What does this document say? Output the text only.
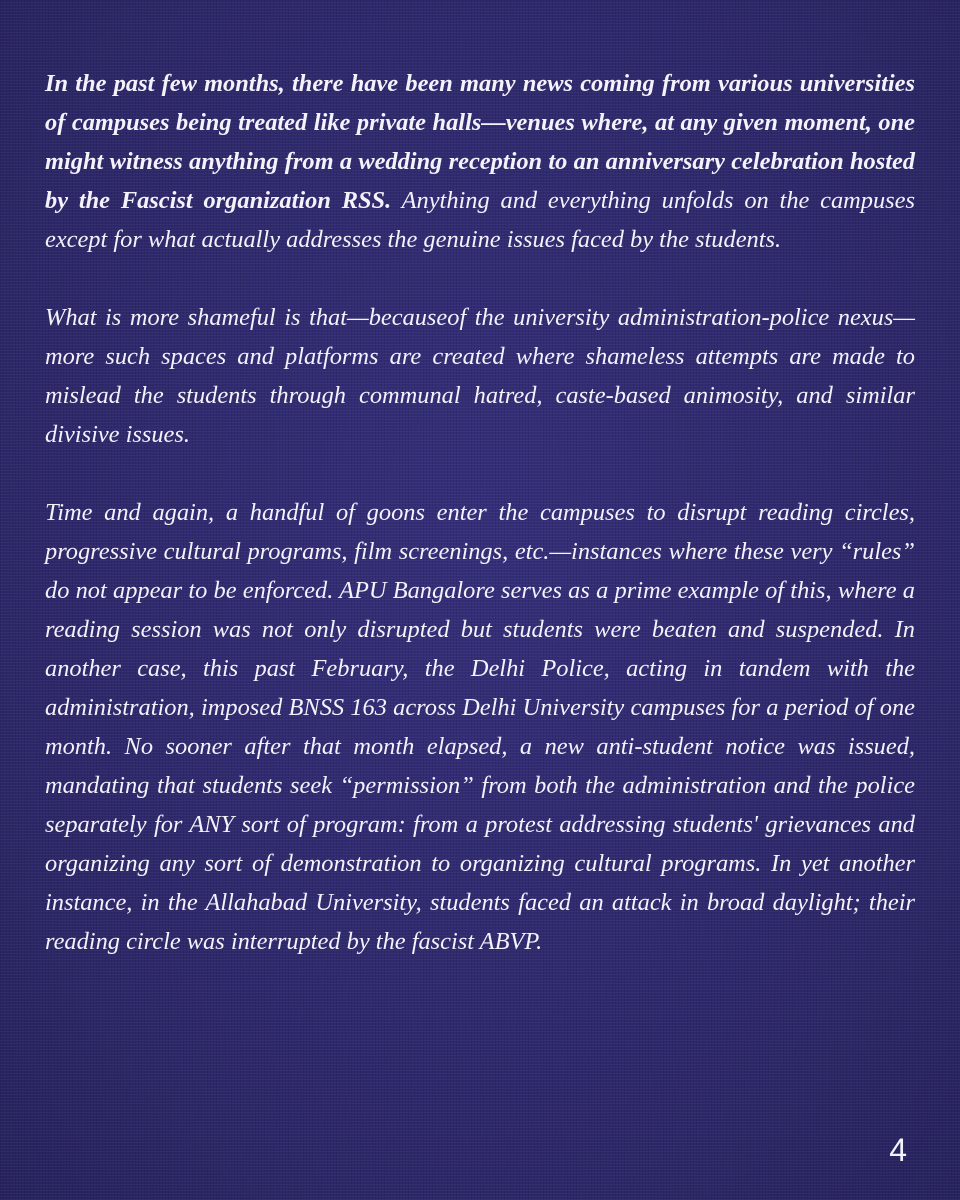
In the past few months, there have been many news coming from various universities of campuses being treated like private halls—venues where, at any given moment, one might witness anything from a wedding reception to an anniversary celebration hosted by the Fascist organization RSS. Anything and everything unfolds on the campuses except for what actually addresses the genuine issues faced by the students.

What is more shameful is that—becauseof the university administration-police nexus—more such spaces and platforms are created where shameless attempts are made to mislead the students through communal hatred, caste-based animosity, and similar divisive issues.

Time and again, a handful of goons enter the campuses to disrupt reading circles, progressive cultural programs, film screenings, etc.—instances where these very “rules” do not appear to be enforced. APU Bangalore serves as a prime example of this, where a reading session was not only disrupted but students were beaten and suspended. In another case, this past February, the Delhi Police, acting in tandem with the administration, imposed BNSS 163 across Delhi University campuses for a period of one month. No sooner after that month elapsed, a new anti-student notice was issued, mandating that students seek “permission” from both the administration and the police separately for ANY sort of program: from a protest addressing students' grievances and organizing any sort of demonstration to organizing cultural programs. In yet another instance, in the Allahabad University, students faced an attack in broad daylight; their reading circle was interrupted by the fascist ABVP.

4
